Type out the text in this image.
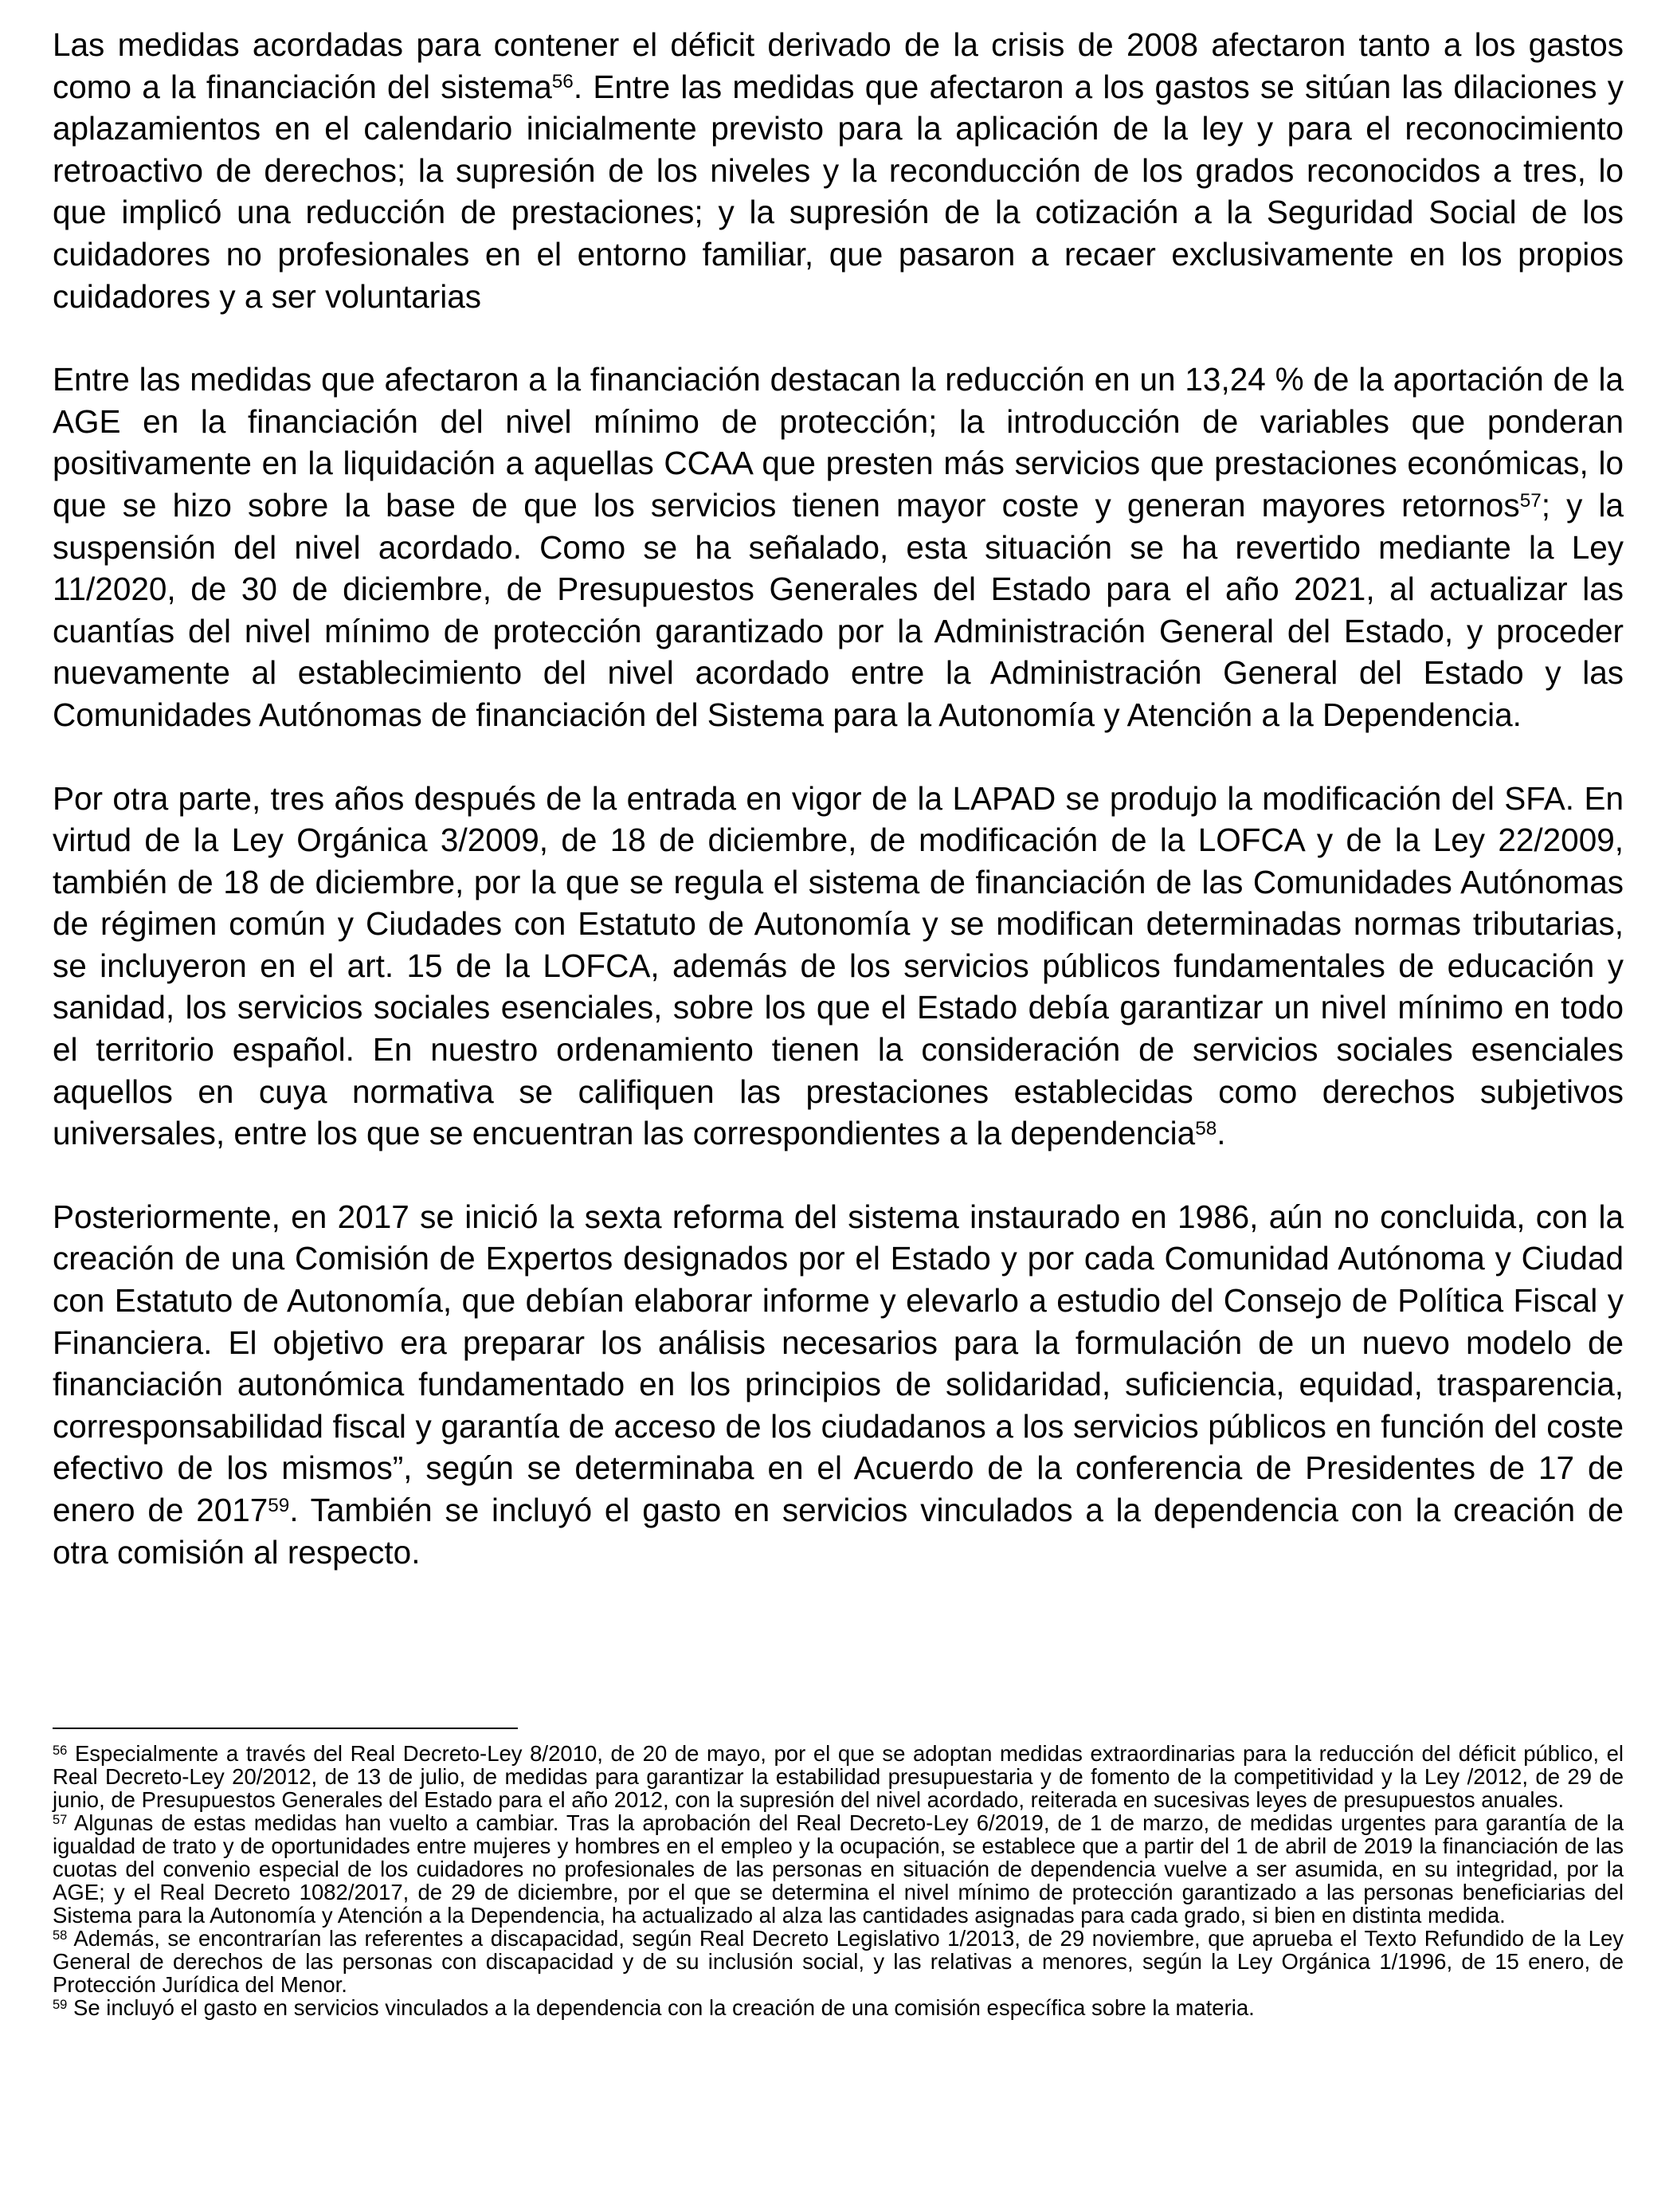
Las medidas acordadas para contener el déficit derivado de la crisis de 2008 afectaron tanto a los gastos como a la financiación del sistema$^{56}$. Entre las medidas que afectaron a los gastos se sitúan las dilaciones y aplazamientos en el calendario inicialmente previsto para la aplicación de la ley y para el reconocimiento retroactivo de derechos; la supresión de los niveles y la reconducción de los grados reconocidos a tres, lo que implicó una reducción de prestaciones; y la supresión de la cotización a la Seguridad Social de los cuidadores no profesionales en el entorno familiar, que pasaron a recaer exclusivamente en los propios cuidadores y a ser voluntarias

Entre las medidas que afectaron a la financiación destacan la reducción en un 13,24 % de la aportación de la AGE en la financiación del nivel mínimo de protección; la introducción de variables que ponderan positivamente en la liquidación a aquellas CCAA que presten más servicios que prestaciones económicas, lo que se hizo sobre la base de que los servicios tienen mayor coste y generan mayores retornos$^{57}$; y la suspensión del nivel acordado. Como se ha señalado, esta situación se ha revertido mediante la Ley 11/2020, de 30 de diciembre, de Presupuestos Generales del Estado para el año 2021, al actualizar las cuantías del nivel mínimo de protección garantizado por la Administración General del Estado, y proceder nuevamente al establecimiento del nivel acordado entre la Administración General del Estado y las Comunidades Autónomas de financiación del Sistema para la Autonomía y Atención a la Dependencia.

Por otra parte, tres años después de la entrada en vigor de la LAPAD se produjo la modificación del SFA. En virtud de la Ley Orgánica 3/2009, de 18 de diciembre, de modificación de la LOFCA y de la Ley 22/2009, también de 18 de diciembre, por la que se regula el sistema de financiación de las Comunidades Autónomas de régimen común y Ciudades con Estatuto de Autonomía y se modifican determinadas normas tributarias, se incluyeron en el art. 15 de la LOFCA, además de los servicios públicos fundamentales de educación y sanidad, los servicios sociales esenciales, sobre los que el Estado debía garantizar un nivel mínimo en todo el territorio español. En nuestro ordenamiento tienen la consideración de servicios sociales esenciales aquellos en cuya normativa se califiquen las prestaciones establecidas como derechos subjetivos universales, entre los que se encuentran las correspondientes a la dependencia$^{58}$.

Posteriormente, en 2017 se inició la sexta reforma del sistema instaurado en 1986, aún no concluida, con la creación de una Comisión de Expertos designados por el Estado y por cada Comunidad Autónoma y Ciudad con Estatuto de Autonomía, que debían elaborar informe y elevarlo a estudio del Consejo de Política Fiscal y Financiera. El objetivo era preparar los análisis necesarios para la formulación de un nuevo modelo de financiación autonómica fundamentado en los principios de solidaridad, suficiencia, equidad, trasparencia, corresponsabilidad fiscal y garantía de acceso de los ciudadanos a los servicios públicos en función del coste efectivo de los mismos”, según se determinaba en el Acuerdo de la conferencia de Presidentes de 17 de enero de 2017$^{59}$. También se incluyó el gasto en servicios vinculados a la dependencia con la creación de otra comisión al respecto.

$^{56}$ Especialmente a través del Real Decreto-Ley 8/2010, de 20 de mayo, por el que se adoptan medidas extraordinarias para la reducción del déficit público, el Real Decreto-Ley 20/2012, de 13 de julio, de medidas para garantizar la estabilidad presupuestaria y de fomento de la competitividad y la Ley /2012, de 29 de junio, de Presupuestos Generales del Estado para el año 2012, con la supresión del nivel acordado, reiterada en sucesivas leyes de presupuestos anuales.

$^{57}$ Algunas de estas medidas han vuelto a cambiar. Tras la aprobación del Real Decreto-Ley 6/2019, de 1 de marzo, de medidas urgentes para garantía de la igualdad de trato y de oportunidades entre mujeres y hombres en el empleo y la ocupación, se establece que a partir del 1 de abril de 2019 la financiación de las cuotas del convenio especial de los cuidadores no profesionales de las personas en situación de dependencia vuelve a ser asumida, en su integridad, por la AGE; y el Real Decreto 1082/2017, de 29 de diciembre, por el que se determina el nivel mínimo de protección garantizado a las personas beneficiarias del Sistema para la Autonomía y Atención a la Dependencia, ha actualizado al alza las cantidades asignadas para cada grado, si bien en distinta medida.

$^{58}$ Además, se encontrarían las referentes a discapacidad, según Real Decreto Legislativo 1/2013, de 29 noviembre, que aprueba el Texto Refundido de la Ley General de derechos de las personas con discapacidad y de su inclusión social, y las relativas a menores, según la Ley Orgánica 1/1996, de 15 enero, de Protección Jurídica del Menor.

$^{59}$ Se incluyó el gasto en servicios vinculados a la dependencia con la creación de una comisión específica sobre la materia.
